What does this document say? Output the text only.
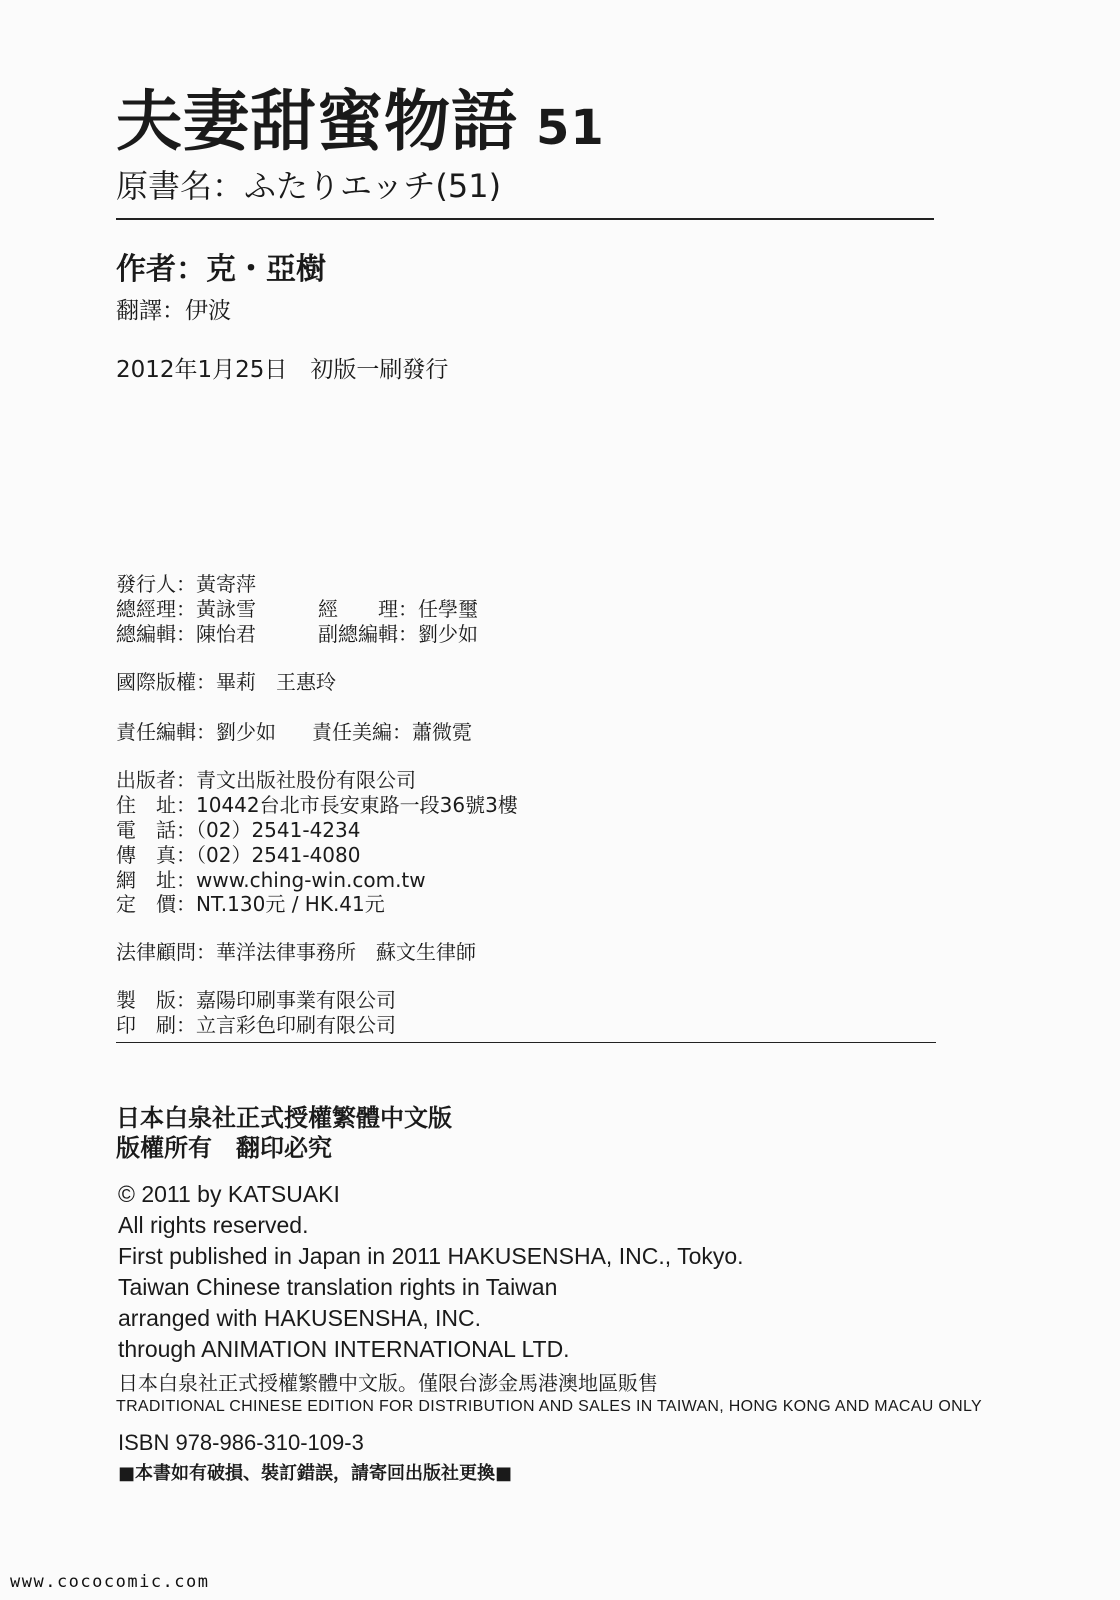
夫妻甜蜜物語 51
原書名：ふたりエッチ(51)
作者：克・亞樹
翻譯：伊波
2012年1月25日　初版一刷發行
發行人：黃寄萍
總經理：黃詠雪	經　　理：任學璽
總編輯：陳怡君	副總編輯：劉少如
國際版權：畢莉　王惠玲
責任編輯：劉少如 責任美編：蕭微霓
出版者：青文出版社股份有限公司
住　址：10442台北市長安東路一段36號3樓
電　話：（02）2541-4234
傳　真：（02）2541-4080
網　址：www.ching-win.com.tw
定　價：NT.130元 / HK.41元
法律顧問：華洋法律事務所　蘇文生律師
製　版：嘉陽印刷事業有限公司
印　刷：立言彩色印刷有限公司
日本白泉社正式授權繁體中文版
版權所有　翻印必究
© 2011 by KATSUAKI
All rights reserved.
First published in Japan in 2011 HAKUSENSHA, INC., Tokyo.
Taiwan Chinese translation rights in Taiwan
arranged with HAKUSENSHA, INC.
through ANIMATION INTERNATIONAL LTD.
日本白泉社正式授權繁體中文版。僅限台澎金馬港澳地區販售
TRADITIONAL CHINESE EDITION FOR DISTRIBUTION AND SALES IN TAIWAN, HONG KONG AND MACAU ONLY
ISBN 978-986-310-109-3
■本書如有破損、裝訂錯誤，請寄回出版社更換■
www.cococomic.com
